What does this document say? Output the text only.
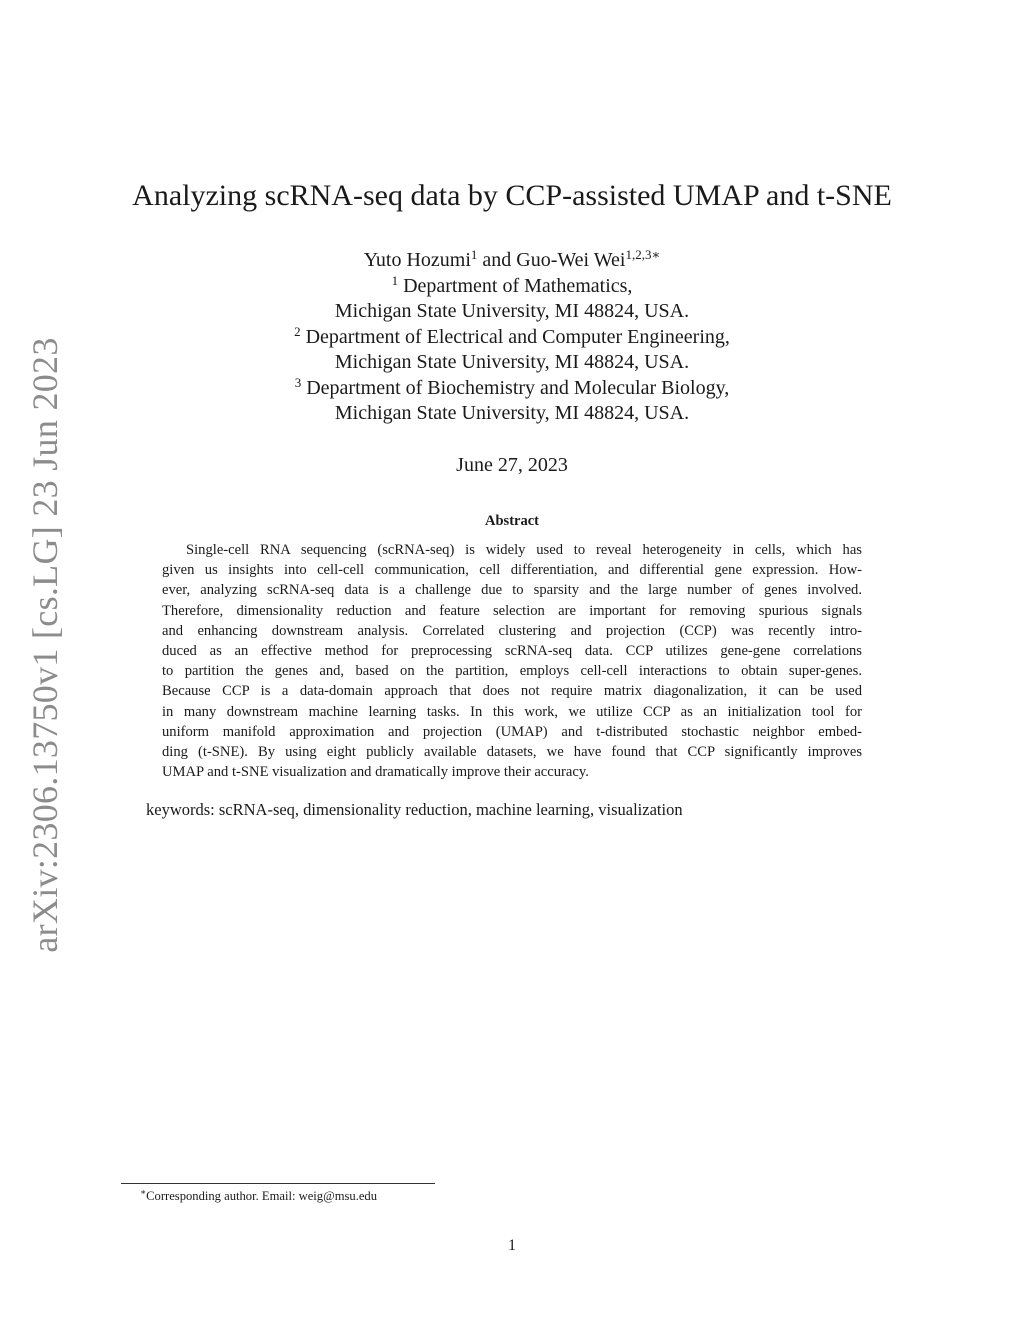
arXiv:2306.13750v1 [cs.LG] 23 Jun 2023
Analyzing scRNA-seq data by CCP-assisted UMAP and t-SNE
Yuto Hozumi$^1$ and Guo-Wei Wei$^{1,2,3∗}$
$^1$ Department of Mathematics,
Michigan State University, MI 48824, USA.
$^2$ Department of Electrical and Computer Engineering,
Michigan State University, MI 48824, USA.
$^3$ Department of Biochemistry and Molecular Biology,
Michigan State University, MI 48824, USA.
June 27, 2023
Abstract
Single-cell RNA sequencing (scRNA-seq) is widely used to reveal heterogeneity in cells, which has
given us insights into cell-cell communication, cell differentiation, and differential gene expression. How-
ever, analyzing scRNA-seq data is a challenge due to sparsity and the large number of genes involved.
Therefore, dimensionality reduction and feature selection are important for removing spurious signals
and enhancing downstream analysis. Correlated clustering and projection (CCP) was recently intro-
duced as an effective method for preprocessing scRNA-seq data. CCP utilizes gene-gene correlations
to partition the genes and, based on the partition, employs cell-cell interactions to obtain super-genes.
Because CCP is a data-domain approach that does not require matrix diagonalization, it can be used
in many downstream machine learning tasks. In this work, we utilize CCP as an initialization tool for
uniform manifold approximation and projection (UMAP) and t-distributed stochastic neighbor embed-
ding (t-SNE). By using eight publicly available datasets, we have found that CCP significantly improves
UMAP and t-SNE visualization and dramatically improve their accuracy.
keywords: scRNA-seq, dimensionality reduction, machine learning, visualization
∗Corresponding author. Email: weig@msu.edu
1
